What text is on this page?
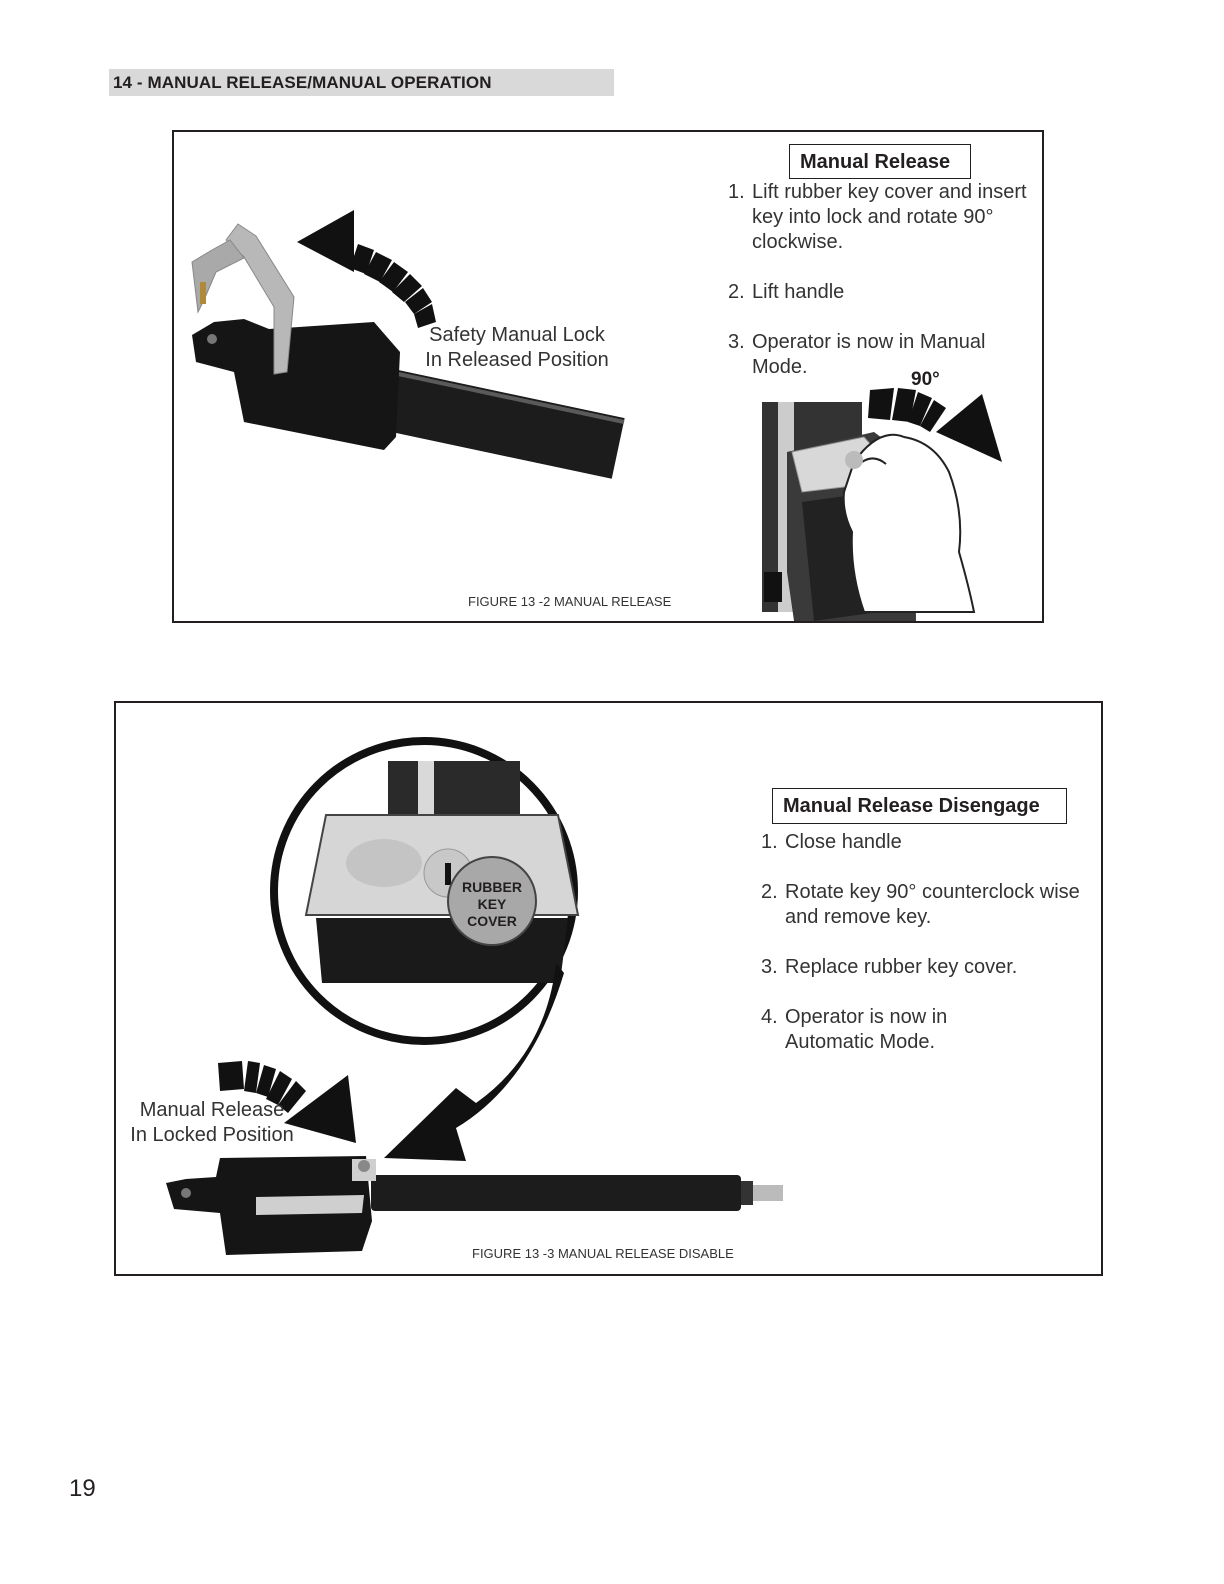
14 - MANUAL RELEASE/MANUAL OPERATION
Safety Manual Lock
In Released Position
Manual Release
1. Lift rubber key cover and insert
key into lock and rotate 90°
clockwise.
2. Lift handle
3. Operator is now in Manual
Mode.
90°
FIGURE 13 -2 MANUAL RELEASE
RUBBER
KEY
COVER
Manual Release Disengage
1. Close handle
2. Rotate key 90° counterclock wise
and remove key.
3. Replace rubber key cover.
4. Operator is now in
Automatic Mode.
Manual Release
In Locked Position
FIGURE 13 -3 MANUAL RELEASE DISABLE
19
